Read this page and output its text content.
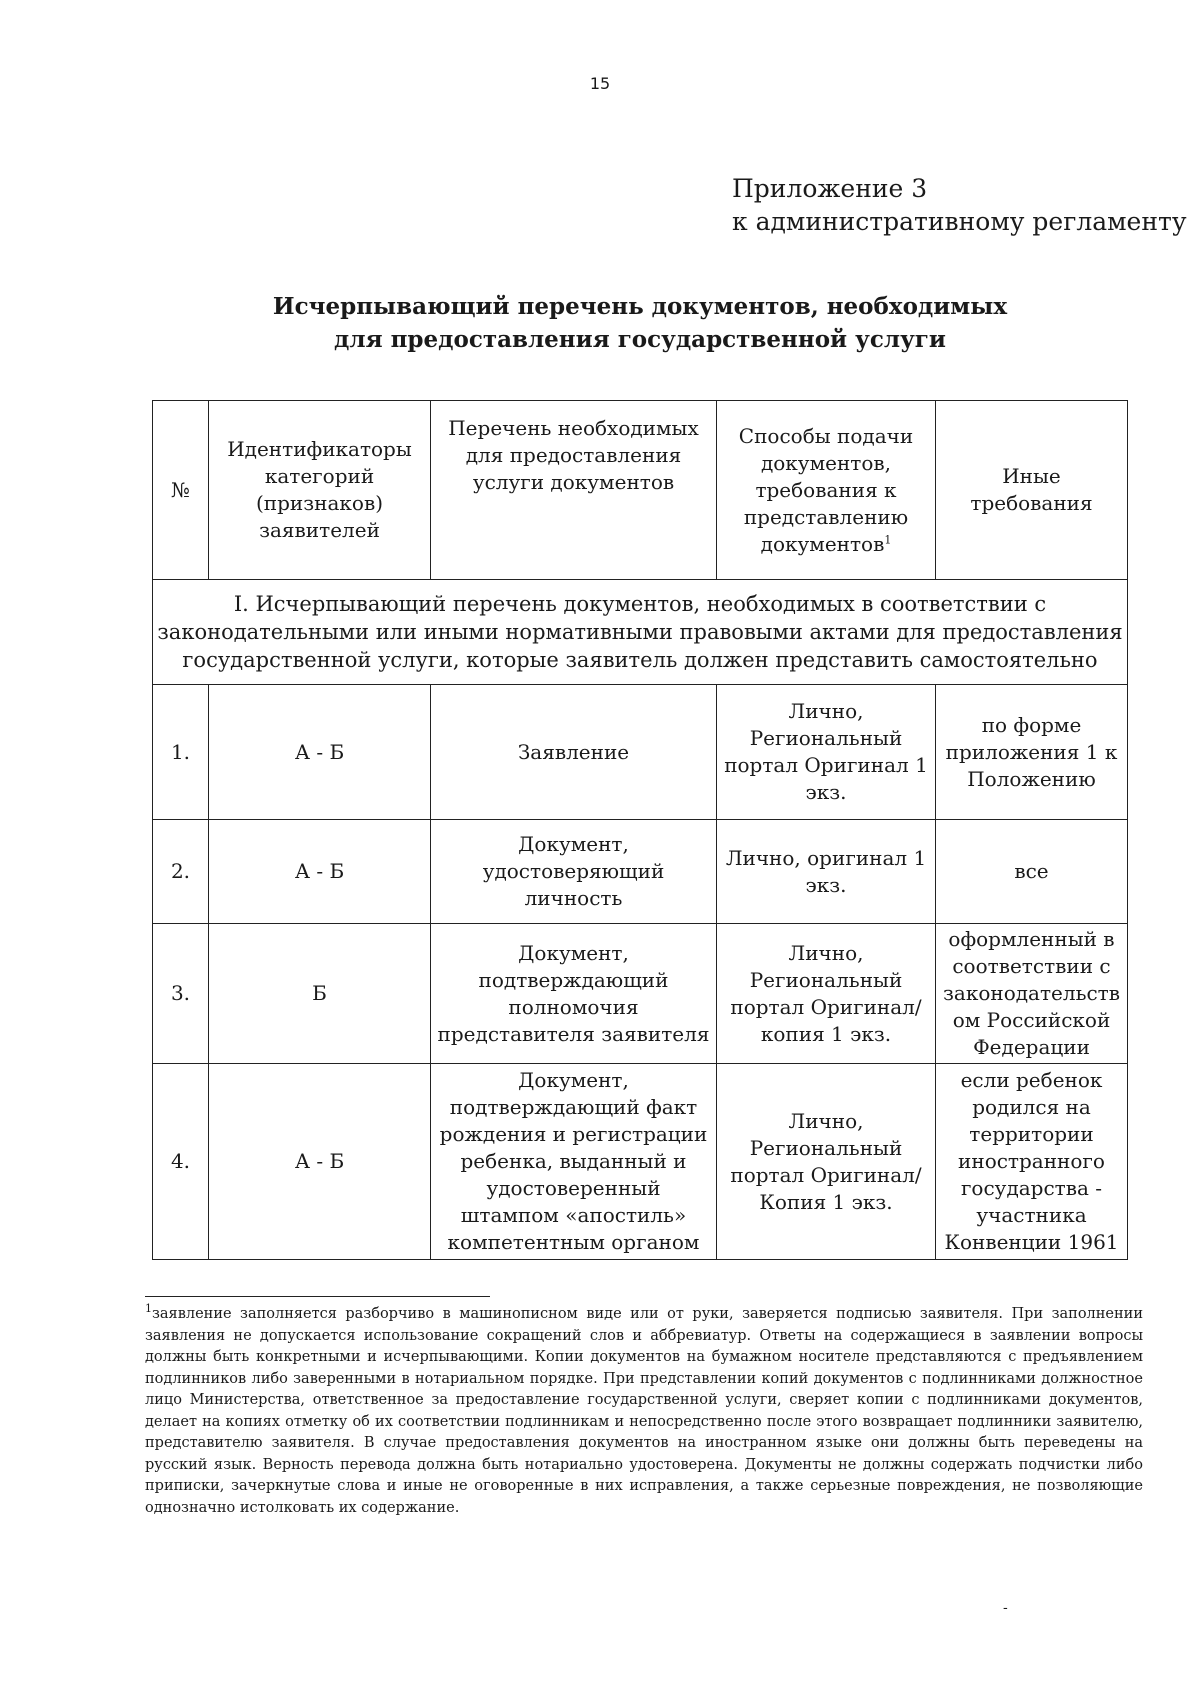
15
Приложение 3
к административному регламенту
Исчерпывающий перечень документов, необходимых
для предоставления государственной услуги
№	Идентификаторы категорий (признаков) заявителей	Перечень необходимых для предоставления услуги документов	Способы подачи документов, требования к представлению документов$^1$	Иные требования
I. Исчерпывающий перечень документов, необходимых в соответствии с законодательными или иными нормативными правовыми актами для предоставления государственной услуги, которые заявитель должен представить самостоятельно				
1.	А - Б	Заявление	Лично, Региональный портал Оригинал 1 экз.	по форме приложения 1 к Положению
2.	А - Б	Документ, удостоверяющий личность	Лично, оригинал 1 экз.	все
3.	Б	Документ, подтверждающий полномочия представителя заявителя	Лично, Региональный портал Оригинал/копия 1 экз.	оформленный в соответствии с законодательств ом Российской Федерации
4.	А - Б	Документ, подтверждающий факт рождения и регистрации ребенка, выданный и удостоверенный штампом «апостиль» компетентным органом	Лично, Региональный портал Оригинал/Копия 1 экз.	если ребенок родился на территории иностранного государства - участника Конвенции 1961
$^1$заявление заполняется разборчиво в машинописном виде или от руки, заверяется подписью заявителя. При заполнении заявления не допускается использование сокращений слов и аббревиатур. Ответы на содержащиеся в заявлении вопросы должны быть конкретными и исчерпывающими. Копии документов на бумажном носителе представляются с предъявлением подлинников либо заверенными в нотариальном порядке. При представлении копий документов с подлинниками должностное лицо Министерства, ответственное за предоставление государственной услуги, сверяет копии с подлинниками документов, делает на копиях отметку об их соответствии подлинникам и непосредственно после этого возвращает подлинники заявителю, представителю заявителя. В случае предоставления документов на иностранном языке они должны быть переведены на русский язык. Верность перевода должна быть нотариально удостоверена. Документы не должны содержать подчистки либо приписки, зачеркнутые слова и иные не оговоренные в них исправления, а также серьезные повреждения, не позволяющие однозначно истолковать их содержание.
-
